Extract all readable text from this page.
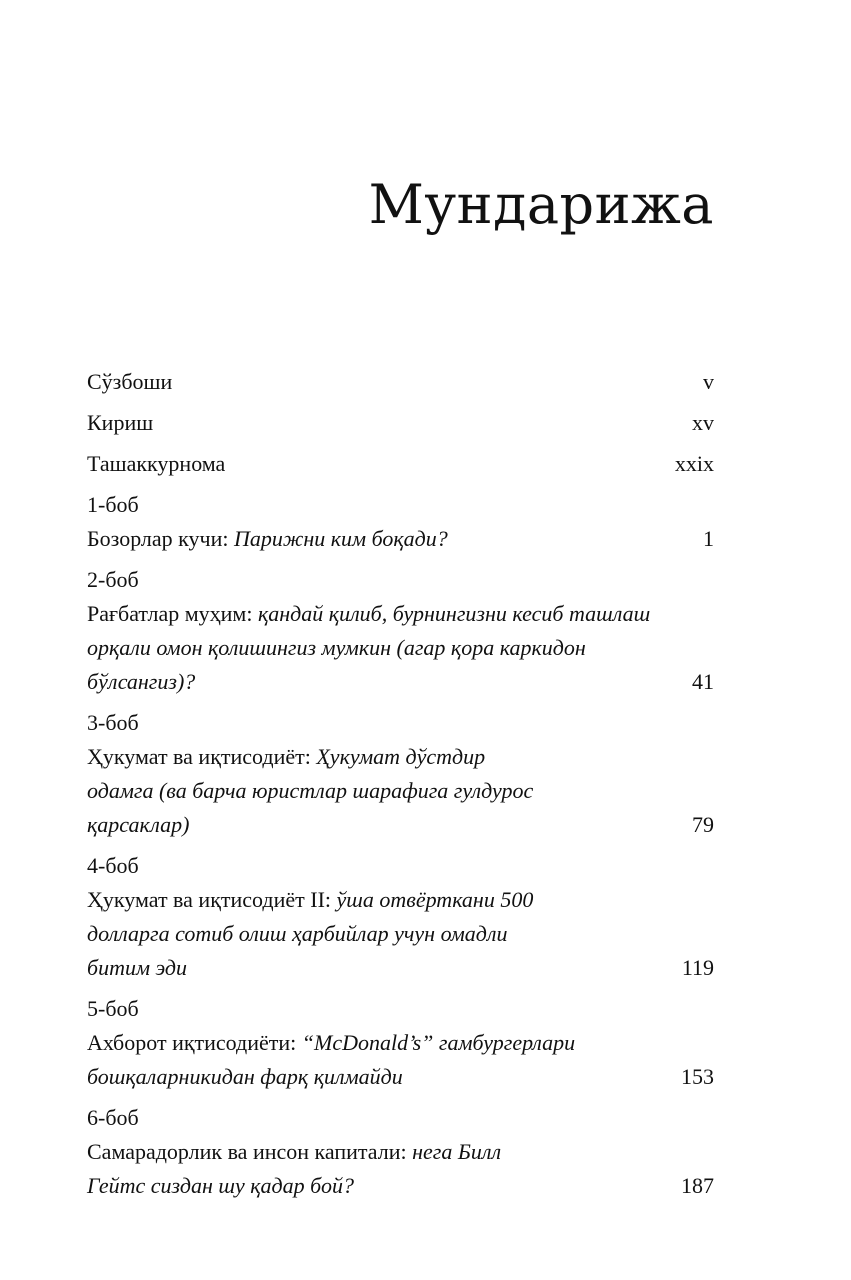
Мундарижа
Сўзбоши	v
Кириш	xv
Ташаккурнома	xxix
1-боб
Бозорлар кучи: Парижни ким боқади?	1
2-боб
Рағбатлар муҳим: қандай қилиб, бурнингизни кесиб ташлаш орқали омон қолишингиз мумкин (агар қора каркидон бўлсангиз)?	41
3-боб
Ҳукумат ва иқтисодиёт: Ҳукумат дўстдир одамга (ва барча юристлар шарафига гулдурос қарсаклар)	79
4-боб
Ҳукумат ва иқтисодиёт II: ўша отвёрткани 500 долларга сотиб олиш ҳарбийлар учун омадли битим эди	119
5-боб
Ахборот иқтисодиёти: “McDonald’s” гамбургерлари бошқаларникидан фарқ қилмайди	153
6-боб
Самарадорлик ва инсон капитали: нега Билл Гейтс сиздан шу қадар бой?	187
